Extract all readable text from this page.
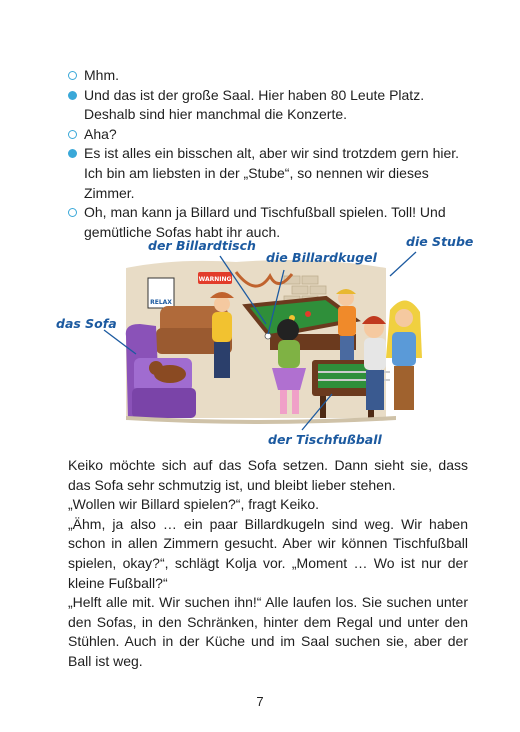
Mhm.
Und das ist der große Saal. Hier haben 80 Leute Platz. Deshalb sind hier manchmal die Konzerte.
Aha?
Es ist alles ein bisschen alt, aber wir sind trotzdem gern hier. Ich bin am liebsten in der „Stube“, so nennen wir dieses Zimmer.
Oh, man kann ja Billard und Tischfußball spielen. Toll! Und gemütliche Sofas habt ihr auch.
RELAX
WARNING
der Billardtisch
die Billardkugel
die Stube
das Sofa
der Tischfußball

Keiko möchte sich auf das Sofa setzen. Dann sieht sie, dass das Sofa sehr schmutzig ist, und bleibt lieber stehen.

„Wollen wir Billard spielen?“, fragt Keiko.

„Ähm, ja also … ein paar Billardkugeln sind weg. Wir haben schon in allen Zimmern gesucht. Aber wir können Tischfußball spielen, okay?“, schlägt Kolja vor. „Moment … Wo ist nur der kleine Fußball?“

„Helft alle mit. Wir suchen ihn!“ Alle laufen los. Sie suchen unter den Sofas, in den Schränken, hinter dem Regal und unter den Stühlen. Auch in der Küche und im Saal suchen sie, aber der Ball ist weg.

7
